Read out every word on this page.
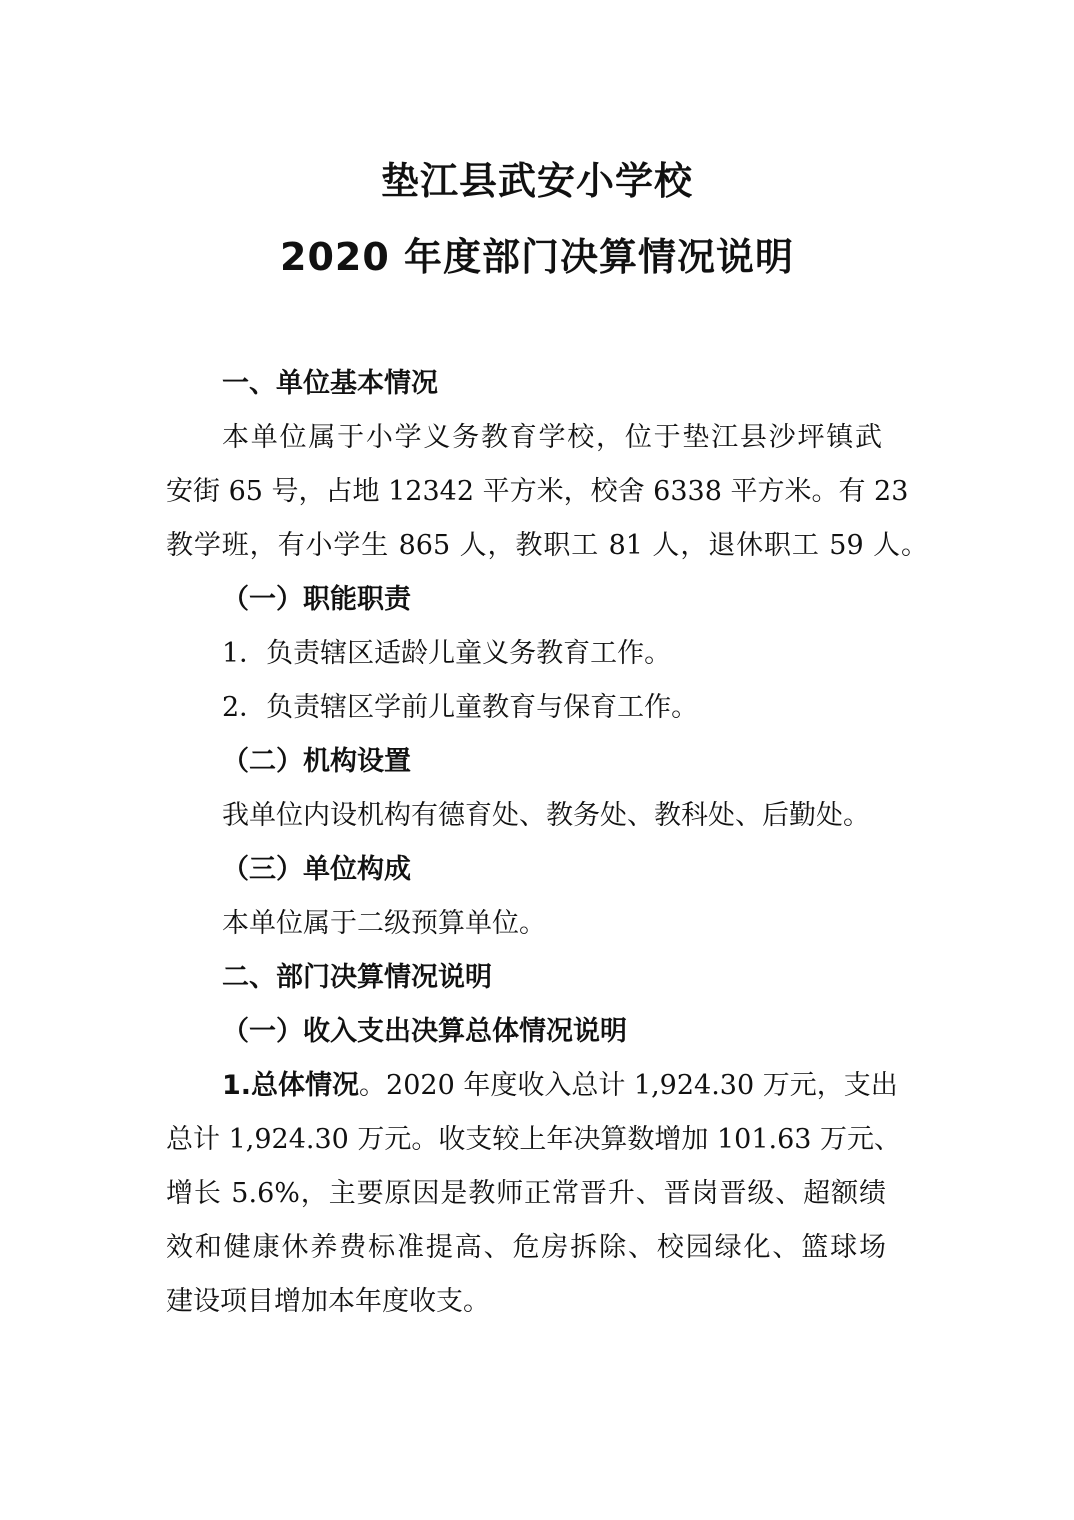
垫江县武安小学校
2020 年度部门决算情况说明

一、单位基本情况

本单位属于小学义务教育学校，位于垫江县沙坪镇武

安街 65 号，占地 12342 平方米，校舍 6338 平方米。有 23

教学班，有小学生 865 人，教职工 81 人，退休职工 59 人。

（一）职能职责

1．负责辖区适龄儿童义务教育工作。

2．负责辖区学前儿童教育与保育工作。

（二）机构设置

我单位内设机构有德育处、教务处、教科处、后勤处。

（三）单位构成

本单位属于二级预算单位。

二、部门决算情况说明

（一）收入支出决算总体情况说明

1.总体情况。2020 年度收入总计 1,924.30 万元，支出

总计 1,924.30 万元。收支较上年决算数增加 101.63 万元、

增长 5.6%，主要原因是教师正常晋升、晋岗晋级、超额绩

效和健康休养费标准提高、危房拆除、校园绿化、篮球场

建设项目增加本年度收支。
